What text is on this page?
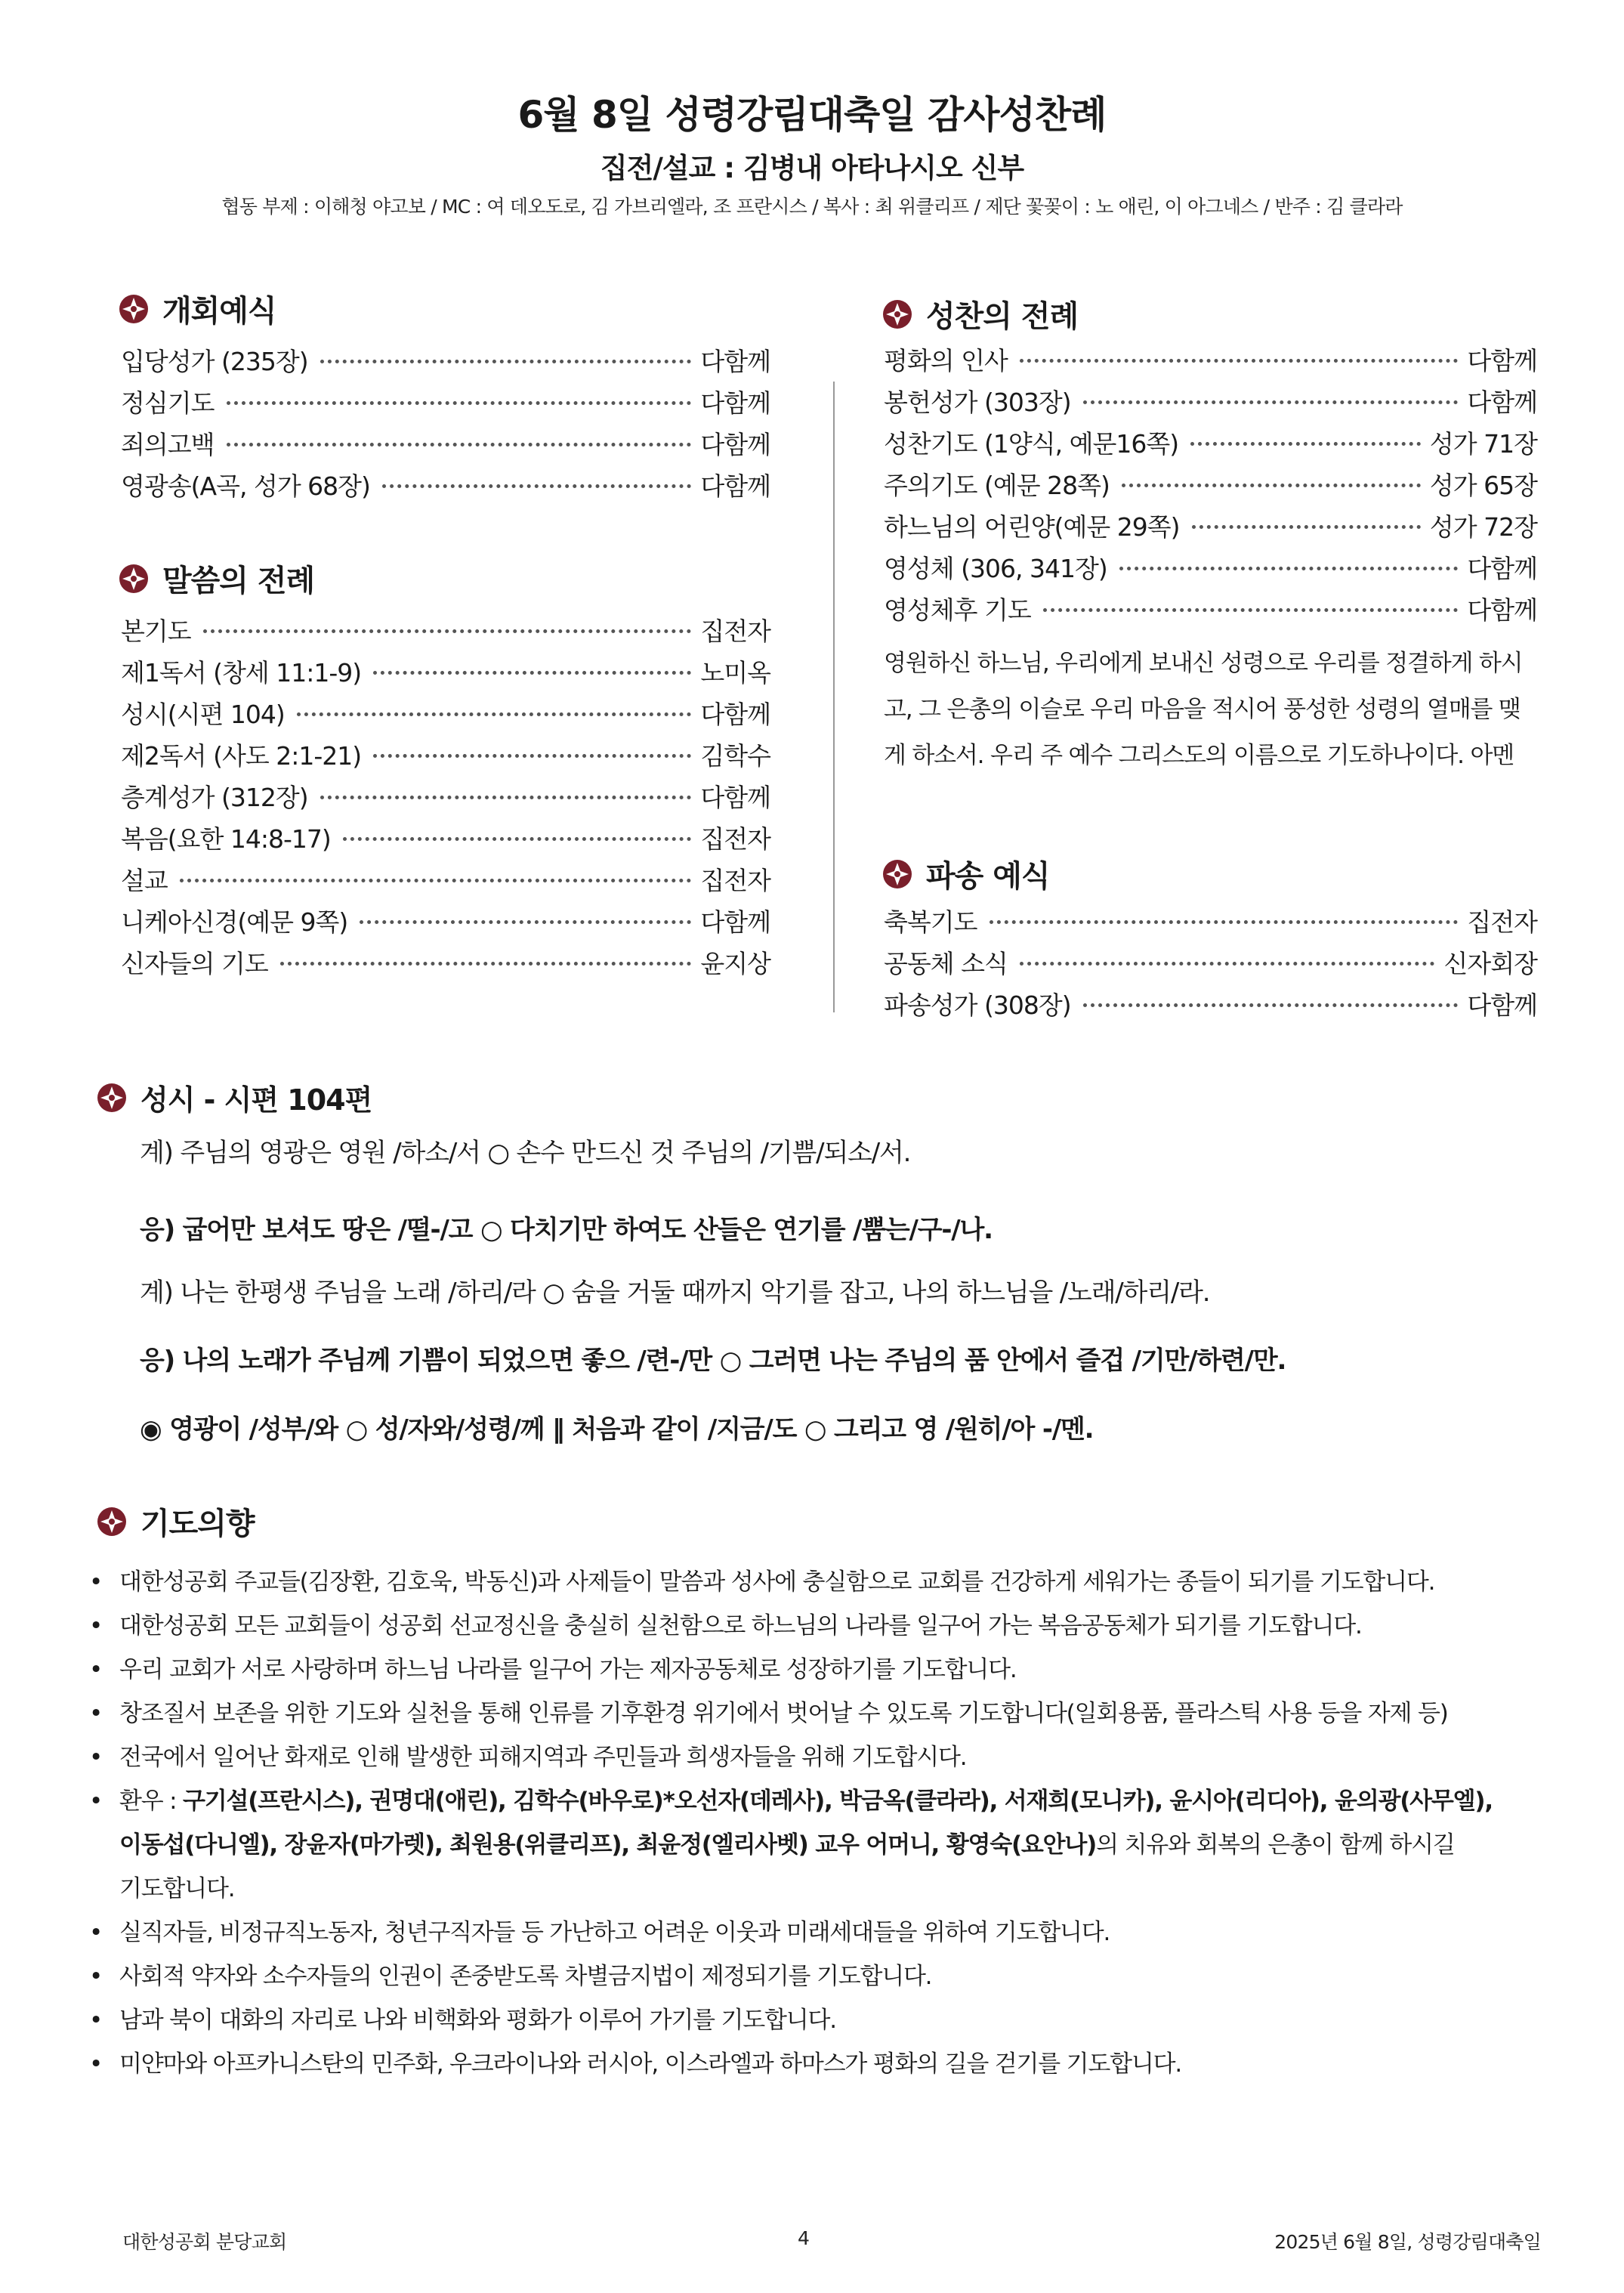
6월 8일 성령강림대축일 감사성찬례
집전/설교 : 김병내 아타나시오 신부
협동 부제 : 이해청 야고보 / MC : 여 데오도로, 김 가브리엘라, 조 프란시스 / 복사 : 최 위클리프 / 제단 꽃꽂이 : 노 애린, 이 아그네스 / 반주 : 김 클라라
개회예식
입당성가 (235장)	다함께
정심기도	다함께
죄의고백	다함께
영광송(A곡, 성가 68장)	다함께
말씀의 전례
본기도	집전자
제1독서 (창세 11:1-9)	노미옥
성시(시편 104)	다함께
제2독서 (사도 2:1-21)	김학수
층계성가 (312장)	다함께
복음(요한 14:8-17)	집전자
설교	집전자
니케아신경(예문 9쪽)	다함께
신자들의 기도	윤지상
성찬의 전례
평화의 인사	다함께
봉헌성가 (303장)	다함께
성찬기도 (1양식, 예문16쪽)	성가 71장
주의기도 (예문 28쪽)	성가 65장
하느님의 어린양(예문 29쪽)	성가 72장
영성체 (306, 341장)	다함께
영성체후 기도	다함께
영원하신 하느님, 우리에게 보내신 성령으로 우리를 정결하게 하시
고, 그 은총의 이슬로 우리 마음을 적시어 풍성한 성령의 열매를 맺
게 하소서. 우리 주 예수 그리스도의 이름으로 기도하나이다. 아멘
파송 예식
축복기도	집전자
공동체 소식	신자회장
파송성가 (308장)	다함께
성시 - 시편 104편
계) 주님의 영광은 영원 /하소/서 ○ 손수 만드신 것 주님의 /기쁨/되소/서.
응) 굽어만 보셔도 땅은 /떨-/고 ○ 다치기만 하여도 산들은 연기를 /뿜는/구-/나.
계) 나는 한평생 주님을 노래 /하리/라 ○ 숨을 거둘 때까지 악기를 잡고, 나의 하느님을 /노래/하리/라.
응) 나의 노래가 주님께 기쁨이 되었으면 좋으 /련-/만 ○ 그러면 나는 주님의 품 안에서 즐겁 /기만/하련/만.
◉ 영광이 /성부/와 ○ 성/자와/성령/께 ‖ 처음과 같이 /지금/도 ○ 그리고 영 /원히/아 -/멘.
기도의향
• 대한성공회 주교들(김장환, 김호욱, 박동신)과 사제들이 말씀과 성사에 충실함으로 교회를 건강하게 세워가는 종들이 되기를 기도합니다.
• 대한성공회 모든 교회들이 성공회 선교정신을 충실히 실천함으로 하느님의 나라를 일구어 가는 복음공동체가 되기를 기도합니다.
• 우리 교회가 서로 사랑하며 하느님 나라를 일구어 가는 제자공동체로 성장하기를 기도합니다.
• 창조질서 보존을 위한 기도와 실천을 통해 인류를 기후환경 위기에서 벗어날 수 있도록 기도합니다(일회용품, 플라스틱 사용 등을 자제 등)
• 전국에서 일어난 화재로 인해 발생한 피해지역과 주민들과 희생자들을 위해 기도합시다.
• 환우 : 구기설(프란시스), 권명대(애린), 김학수(바우로)*오선자(데레사), 박금옥(클라라), 서재희(모니카), 윤시아(리디아), 윤의광(사무엘),
이동섭(다니엘), 장윤자(마가렛), 최원용(위클리프), 최윤정(엘리사벳) 교우 어머니, 황영숙(요안나)의 치유와 회복의 은총이 함께 하시길
기도합니다.
• 실직자들, 비정규직노동자, 청년구직자들 등 가난하고 어려운 이웃과 미래세대들을 위하여 기도합니다.
• 사회적 약자와 소수자들의 인권이 존중받도록 차별금지법이 제정되기를 기도합니다.
• 남과 북이 대화의 자리로 나와 비핵화와 평화가 이루어 가기를 기도합니다.
• 미얀마와 아프카니스탄의 민주화, 우크라이나와 러시아, 이스라엘과 하마스가 평화의 길을 걷기를 기도합니다.
대한성공회 분당교회	4	2025년 6월 8일, 성령강림대축일
